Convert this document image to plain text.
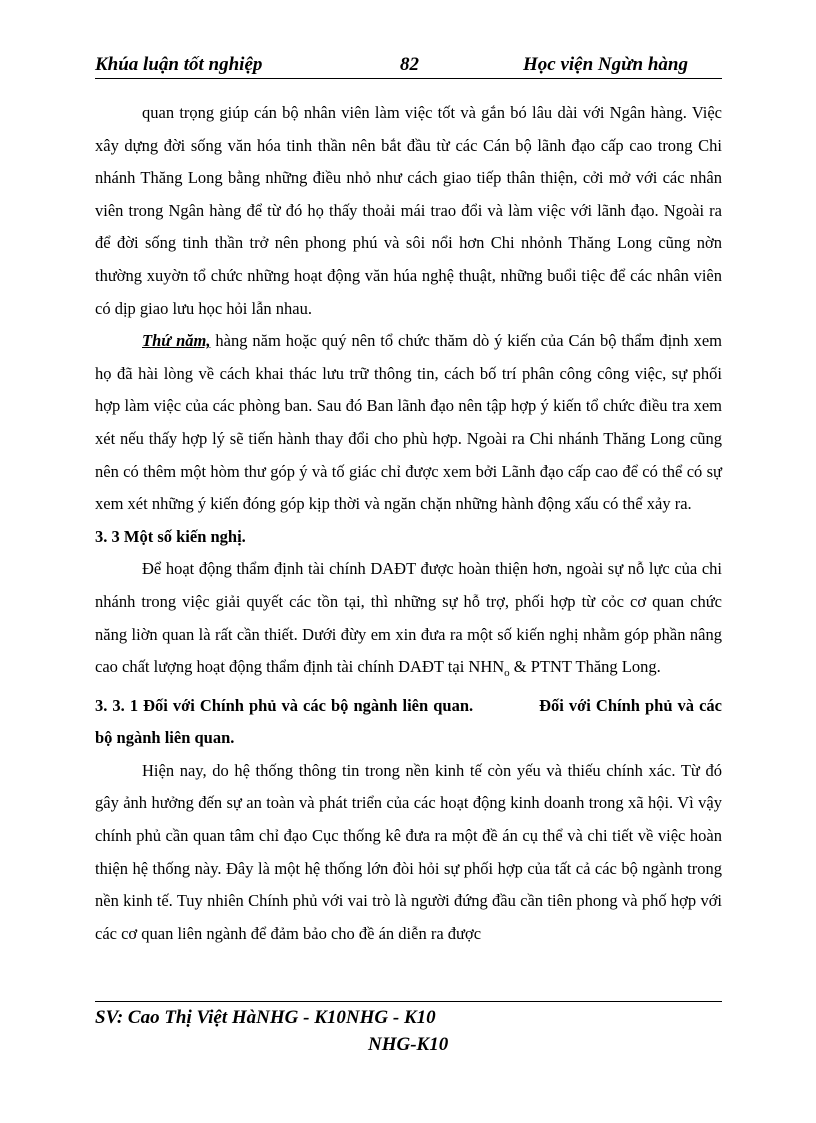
Khúa luận tốt nghiệp	82	Học viện Ngừn hàng

quan trọng giúp cán bộ nhân viên làm việc tốt và gắn bó lâu dài với Ngân hàng. Việc xây dựng đời sống văn hóa tinh thần nên bắt đầu từ các Cán bộ lãnh đạo cấp cao trong Chi nhánh Thăng Long bằng những điều nhỏ như cách giao tiếp thân thiện, cởi mở với các nhân viên trong Ngân hàng để từ đó họ thấy thoải mái trao đổi và làm việc với lãnh đạo. Ngoài ra để đời sống tinh thần trở nên phong phú và sôi nổi hơn Chi nhỏnh Thăng Long cũng nờn thường xuyờn tổ chức những hoạt động văn húa nghệ thuật, những buổi tiệc để các nhân viên có dịp giao lưu học hỏi lẫn nhau.

Thứ năm, hàng năm hoặc quý nên tổ chức thăm dò ý kiến của Cán bộ thẩm định xem họ đã hài lòng về cách khai thác lưu trữ thông tin, cách bố trí phân công công việc, sự phối hợp làm việc của các phòng ban. Sau đó Ban lãnh đạo nên tập hợp ý kiến tổ chức điều tra xem xét nếu thấy hợp lý sẽ tiến hành thay đổi cho phù hợp. Ngoài ra Chi nhánh Thăng Long cũng nên có thêm một hòm thư góp ý và tố giác chỉ được xem bởi Lãnh đạo cấp cao để có thể có sự xem xét những ý kiến đóng góp kịp thời và ngăn chặn những hành động xấu có thể xảy ra.

3. 3 Một số kiến nghị.

Để hoạt động thẩm định tài chính DAĐT được hoàn thiện hơn, ngoài sự nỗ lực của chi nhánh trong việc giải quyết các tồn tại, thì những sự hỗ trợ, phối hợp từ cỏc cơ quan chức năng liờn quan là rất cần thiết. Dưới đừy em xin đưa ra một số kiến nghị nhằm góp phần nâng cao chất lượng hoạt động thẩm định tài chính DAĐT tại $NHN_o$ & PTNT Thăng Long.

3. 3. 1 Đối với Chính phủ và các bộ ngành liên quan.	Đối với Chính phủ và các bộ ngành liên quan.

Hiện nay, do hệ thống thông tin trong nền kinh tế còn yếu và thiếu chính xác. Từ đó gây ảnh hưởng đến sự an toàn và phát triển của các hoạt động kinh doanh trong xã hội. Vì vậy chính phủ cần quan tâm chỉ đạo Cục thống kê đưa ra một đề án cụ thể và chi tiết về việc hoàn thiện hệ thống này. Đây là một hệ thống lớn đòi hỏi sự phối hợp của tất cả các bộ ngành trong nền kinh tế. Tuy nhiên Chính phủ với vai trò là người đứng đầu cần tiên phong và phố hợp với các cơ quan liên ngành để đảm bảo cho đề án diễn ra được

SV: Cao Thị Việt HàNHG - K10NHG - K10
NHG-K10
